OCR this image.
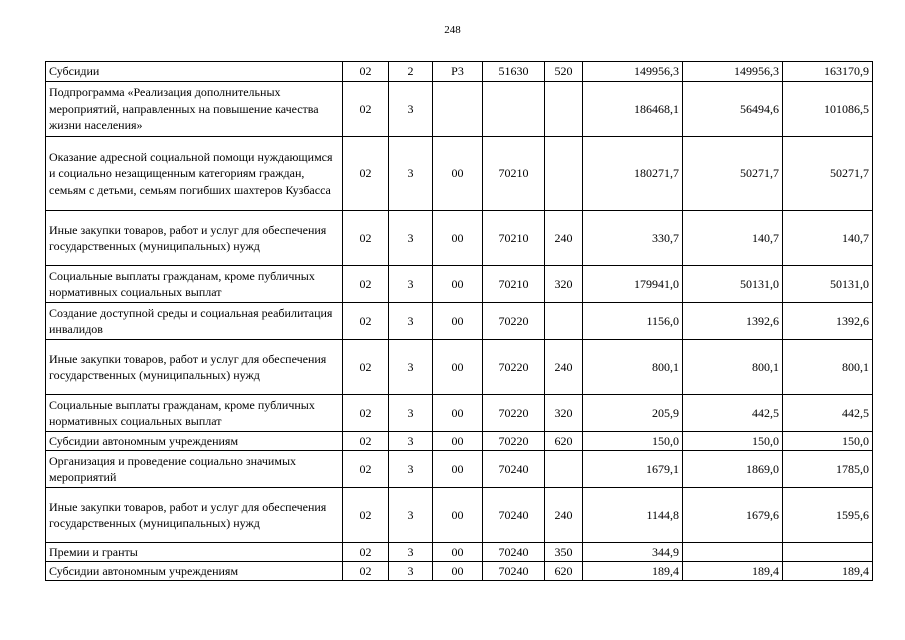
248
Субсидии	02	2	Р3	51630	520	149956,3	149956,3	163170,9
Подпрограмма «Реализация дополнительных мероприятий, направленных на повышение качества жизни населения»	02	3				186468,1	56494,6	101086,5
Оказание адресной социальной помощи нуждающимся и социально незащищенным категориям граждан, семьям с детьми, семьям погибших шахтеров Кузбасса	02	3	00	70210		180271,7	50271,7	50271,7
Иные закупки товаров, работ и услуг для обеспечения государственных (муниципальных) нужд	02	3	00	70210	240	330,7	140,7	140,7
Социальные выплаты гражданам, кроме публичных нормативных социальных выплат	02	3	00	70210	320	179941,0	50131,0	50131,0
Создание доступной среды и социальная реабилитация инвалидов	02	3	00	70220		1156,0	1392,6	1392,6
Иные закупки товаров, работ и услуг для обеспечения государственных (муниципальных) нужд	02	3	00	70220	240	800,1	800,1	800,1
Социальные выплаты гражданам, кроме публичных нормативных социальных выплат	02	3	00	70220	320	205,9	442,5	442,5
Субсидии автономным учреждениям	02	3	00	70220	620	150,0	150,0	150,0
Организация и проведение социально значимых мероприятий	02	3	00	70240		1679,1	1869,0	1785,0
Иные закупки товаров, работ и услуг для обеспечения государственных (муниципальных) нужд	02	3	00	70240	240	1144,8	1679,6	1595,6
Премии и гранты	02	3	00	70240	350	344,9		
Субсидии автономным учреждениям	02	3	00	70240	620	189,4	189,4	189,4
